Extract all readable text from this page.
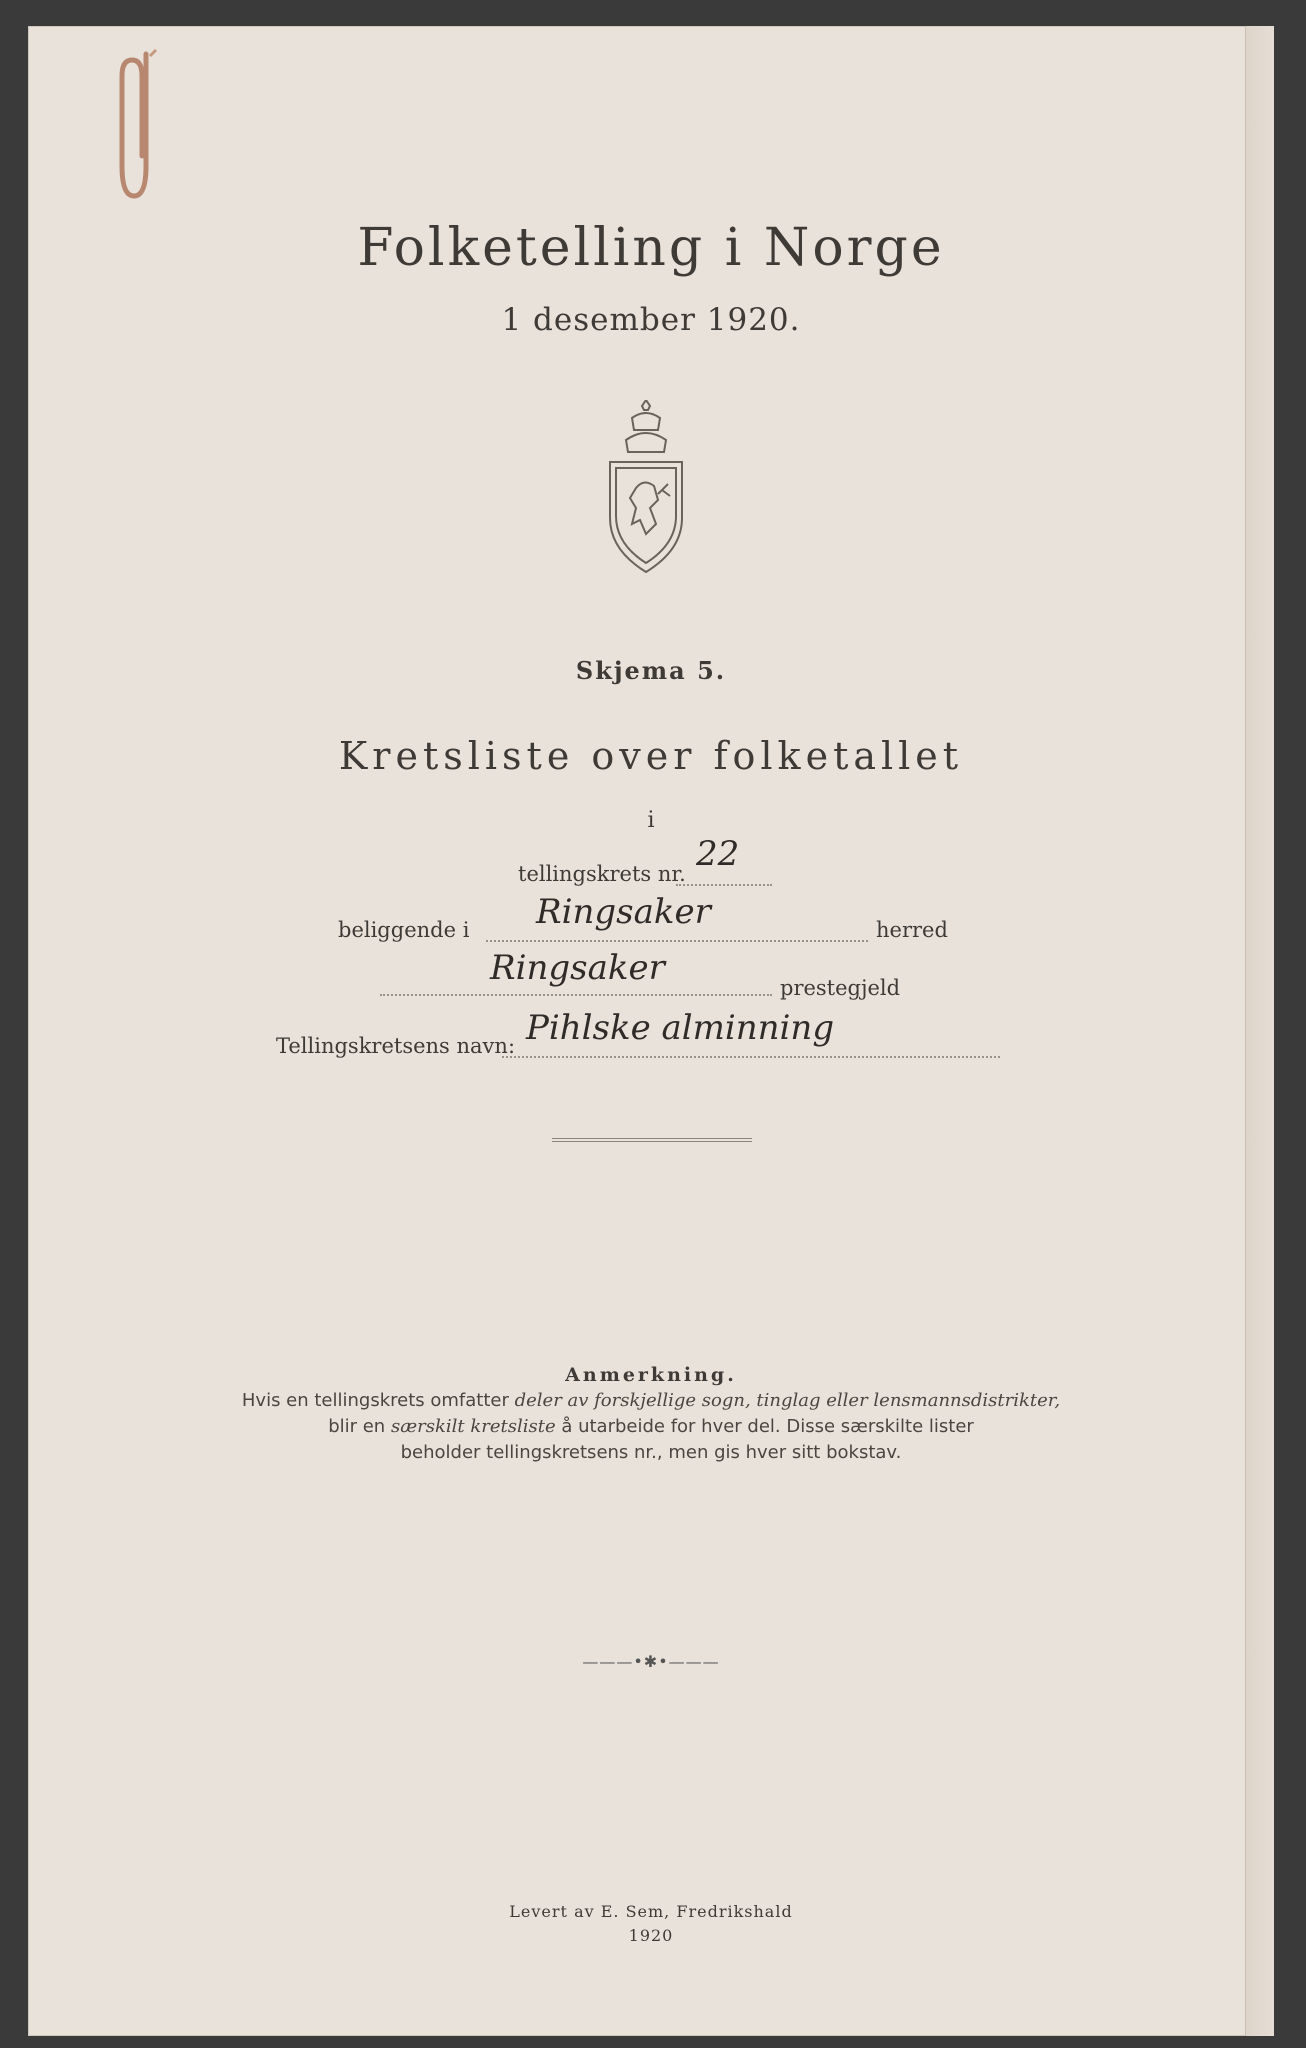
Folketelling i Norge
1 desember 1920.
Skjema 5.
Kretsliste over folketallet
i
tellingskrets nr. 22
beliggende i Ringsaker	herred
Ringsaker	prestegjeld
Tellingskretsens navn: Pihlske alminning
Anmerkning.
Hvis en tellingskrets omfatter deler av forskjellige sogn, tinglag eller lensmannsdistrikter,
blir en særskilt kretsliste å utarbeide for hver del. Disse særskilte lister
beholder tellingskretsens nr., men gis hver sitt bokstav.
———•✱•———
Levert av E. Sem, Fredrikshald
1920
